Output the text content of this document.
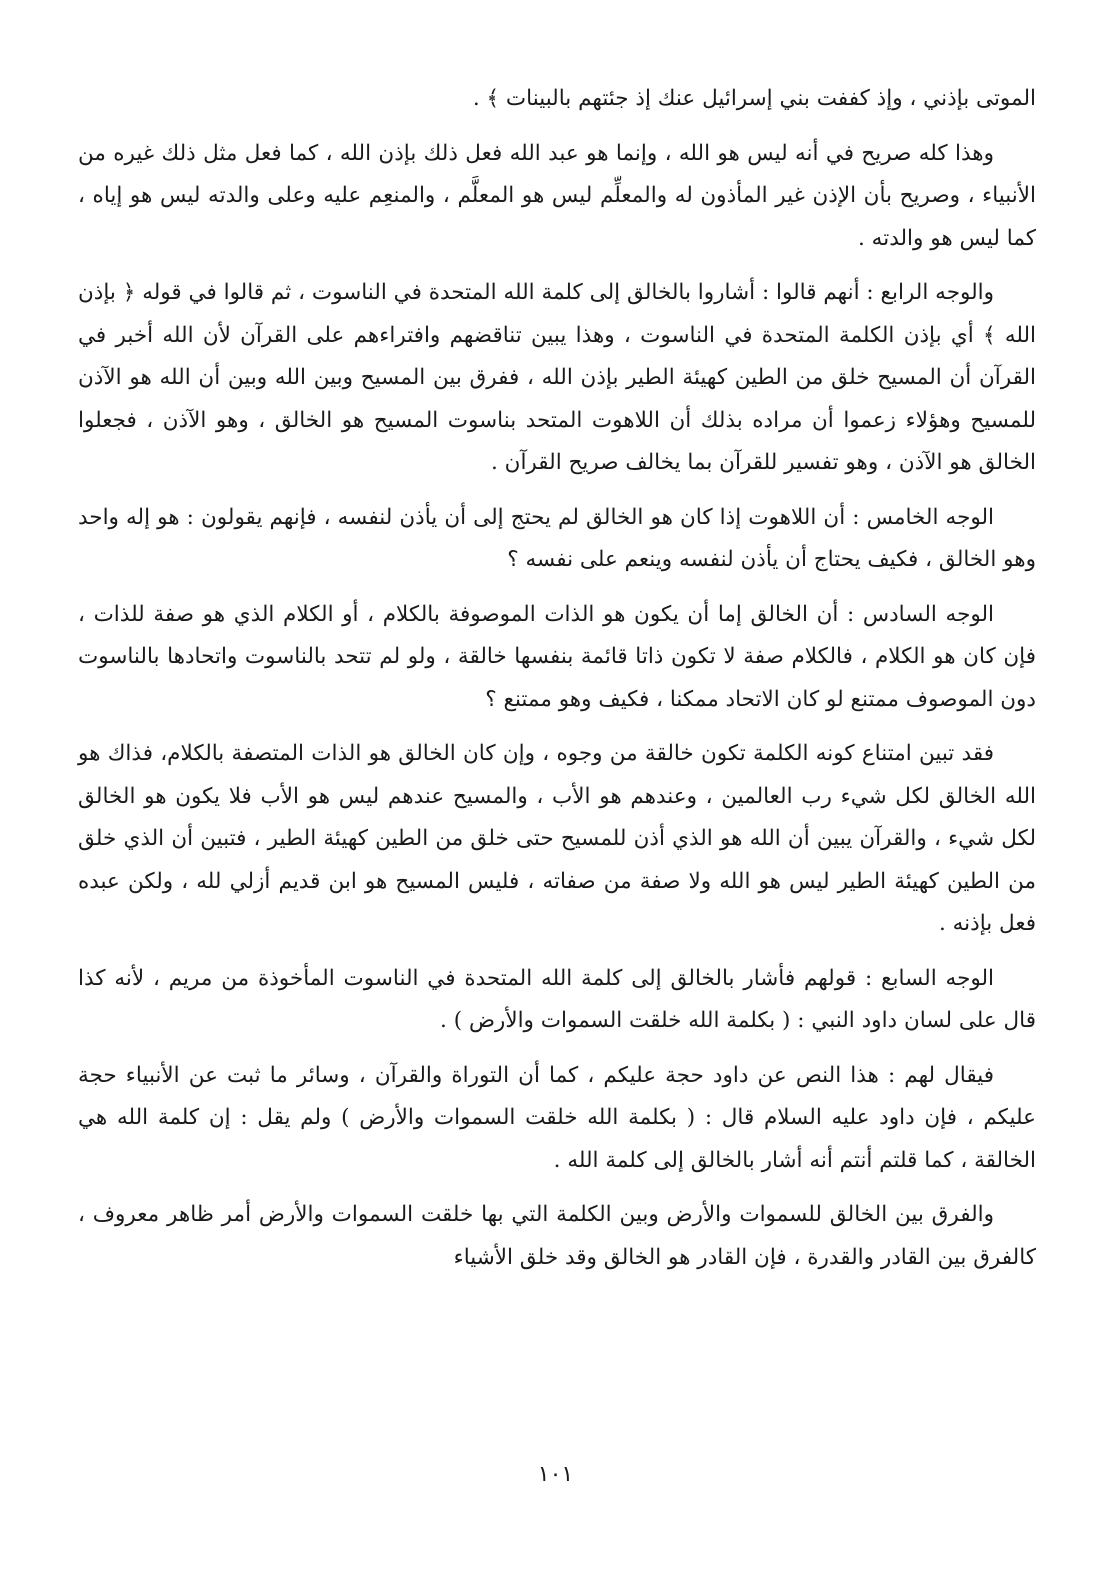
الموتى بإذني ، وإذ كففت بني إسرائيل عنك إذ جئتهم بالبينات ﴾ .

وهذا كله صريح في أنه ليس هو الله ، وإنما هو عبد الله فعل ذلك بإذن الله ، كما فعل مثل ذلك غيره من الأنبياء ، وصريح بأن الإذن غير المأذون له والمعلِّم ليس هو المعلَّم ، والمنعِم عليه وعلى والدته ليس هو إياه ، كما ليس هو والدته .

والوجه الرابع : أنهم قالوا : أشاروا بالخالق إلى كلمة الله المتحدة في الناسوت ، ثم قالوا في قوله ﴿ بإذن الله ﴾ أي بإذن الكلمة المتحدة في الناسوت ، وهذا يبين تناقضهم وافتراءهم على القرآن لأن الله أخبر في القرآن أن المسيح خلق من الطين كهيئة الطير بإذن الله ، ففرق بين المسيح وبين الله وبين أن الله هو الآذن للمسيح وهؤلاء زعموا أن مراده بذلك أن اللاهوت المتحد بناسوت المسيح هو الخالق ، وهو الآذن ، فجعلوا الخالق هو الآذن ، وهو تفسير للقرآن بما يخالف صريح القرآن .

الوجه الخامس : أن اللاهوت إذا كان هو الخالق لم يحتج إلى أن يأذن لنفسه ، فإنهم يقولون : هو إله واحد وهو الخالق ، فكيف يحتاج أن يأذن لنفسه وينعم على نفسه ؟

الوجه السادس : أن الخالق إما أن يكون هو الذات الموصوفة بالكلام ، أو الكلام الذي هو صفة للذات ، فإن كان هو الكلام ، فالكلام صفة لا تكون ذاتا قائمة بنفسها خالقة ، ولو لم تتحد بالناسوت واتحادها بالناسوت دون الموصوف ممتنع لو كان الاتحاد ممكنا ، فكيف وهو ممتنع ؟

فقد تبين امتناع كونه الكلمة تكون خالقة من وجوه ، وإن كان الخالق هو الذات المتصفة بالكلام، فذاك هو الله الخالق لكل شيء رب العالمين ، وعندهم هو الأب ، والمسيح عندهم ليس هو الأب فلا يكون هو الخالق لكل شيء ، والقرآن يبين أن الله هو الذي أذن للمسيح حتى خلق من الطين كهيئة الطير ، فتبين أن الذي خلق من الطين كهيئة الطير ليس هو الله ولا صفة من صفاته ، فليس المسيح هو ابن قديم أزلي لله ، ولكن عبده فعل بإذنه .

الوجه السابع : قولهم فأشار بالخالق إلى كلمة الله المتحدة في الناسوت المأخوذة من مريم ، لأنه كذا قال على لسان داود النبي : ( بكلمة الله خلقت السموات والأرض ) .

فيقال لهم : هذا النص عن داود حجة عليكم ، كما أن التوراة والقرآن ، وسائر ما ثبت عن الأنبياء حجة عليكم ، فإن داود عليه السلام قال : ( بكلمة الله خلقت السموات والأرض ) ولم يقل : إن كلمة الله هي الخالقة ، كما قلتم أنتم أنه أشار بالخالق إلى كلمة الله .

والفرق بين الخالق للسموات والأرض وبين الكلمة التي بها خلقت السموات والأرض أمر ظاهر معروف ، كالفرق بين القادر والقدرة ، فإن القادر هو الخالق وقد خلق الأشياء

١٠١
